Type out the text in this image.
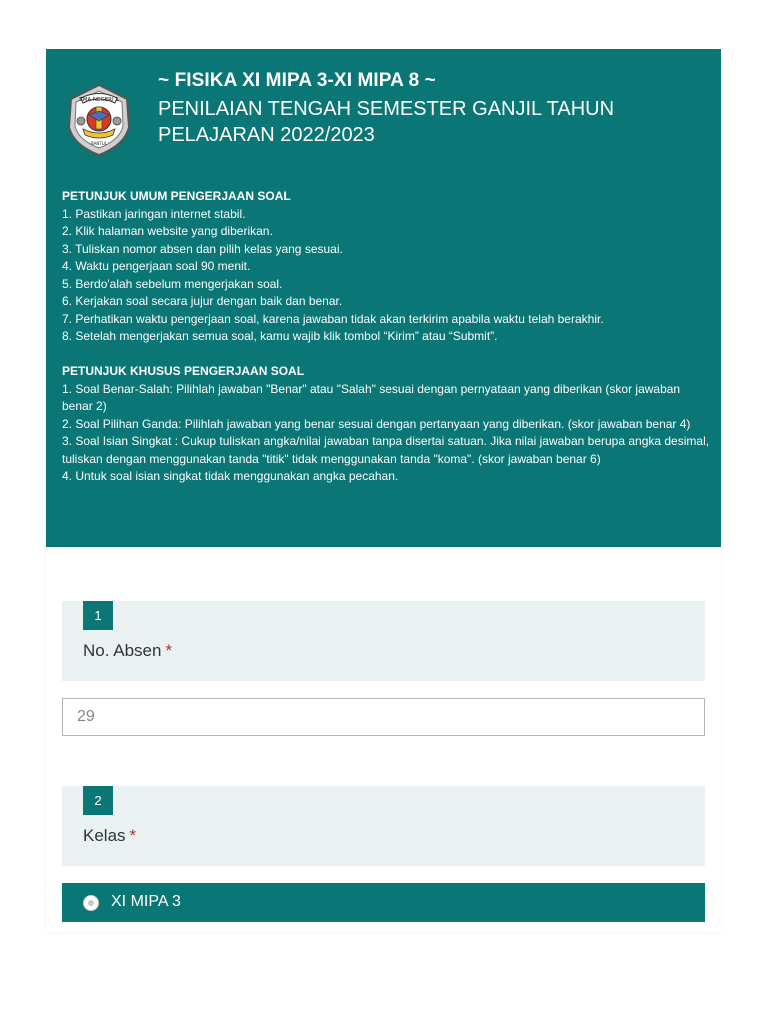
SMA NEGERI 1
BANTUL
~ FISIKA XI MIPA 3-XI MIPA 8 ~
PENILAIAN TENGAH SEMESTER GANJIL TAHUN PELAJARAN 2022/2023
PETUNJUK UMUM PENGERJAAN SOAL
1. Pastikan jaringan internet stabil.
2. Klik halaman website yang diberikan.
3. Tuliskan nomor absen dan pilih kelas yang sesuai.
4. Waktu pengerjaan soal 90 menit.
5. Berdo'alah sebelum mengerjakan soal.
6. Kerjakan soal secara jujur dengan baik dan benar.
7. Perhatikan waktu pengerjaan soal, karena jawaban tidak akan terkirim apabila waktu telah berakhir.
8. Setelah mengerjakan semua soal, kamu wajib klik tombol “Kirim” atau “Submit”.
PETUNJUK KHUSUS PENGERJAAN SOAL
1. Soal Benar-Salah: Pilihlah jawaban "Benar" atau "Salah" sesuai dengan pernyataan yang diberikan (skor jawaban benar 2)
2. Soal Pilihan Ganda: Pilihlah jawaban yang benar sesuai dengan pertanyaan yang diberikan. (skor jawaban benar 4)
3. Soal Isian Singkat : Cukup tuliskan angka/nilai jawaban tanpa disertai satuan. Jika nilai jawaban berupa angka desimal, tuliskan dengan menggunakan tanda "titik" tidak menggunakan tanda "koma". (skor jawaban benar 6)
4. Untuk soal isian singkat tidak menggunakan angka pecahan.
1
No. Absen *
29
2
Kelas *
XI MIPA 3
